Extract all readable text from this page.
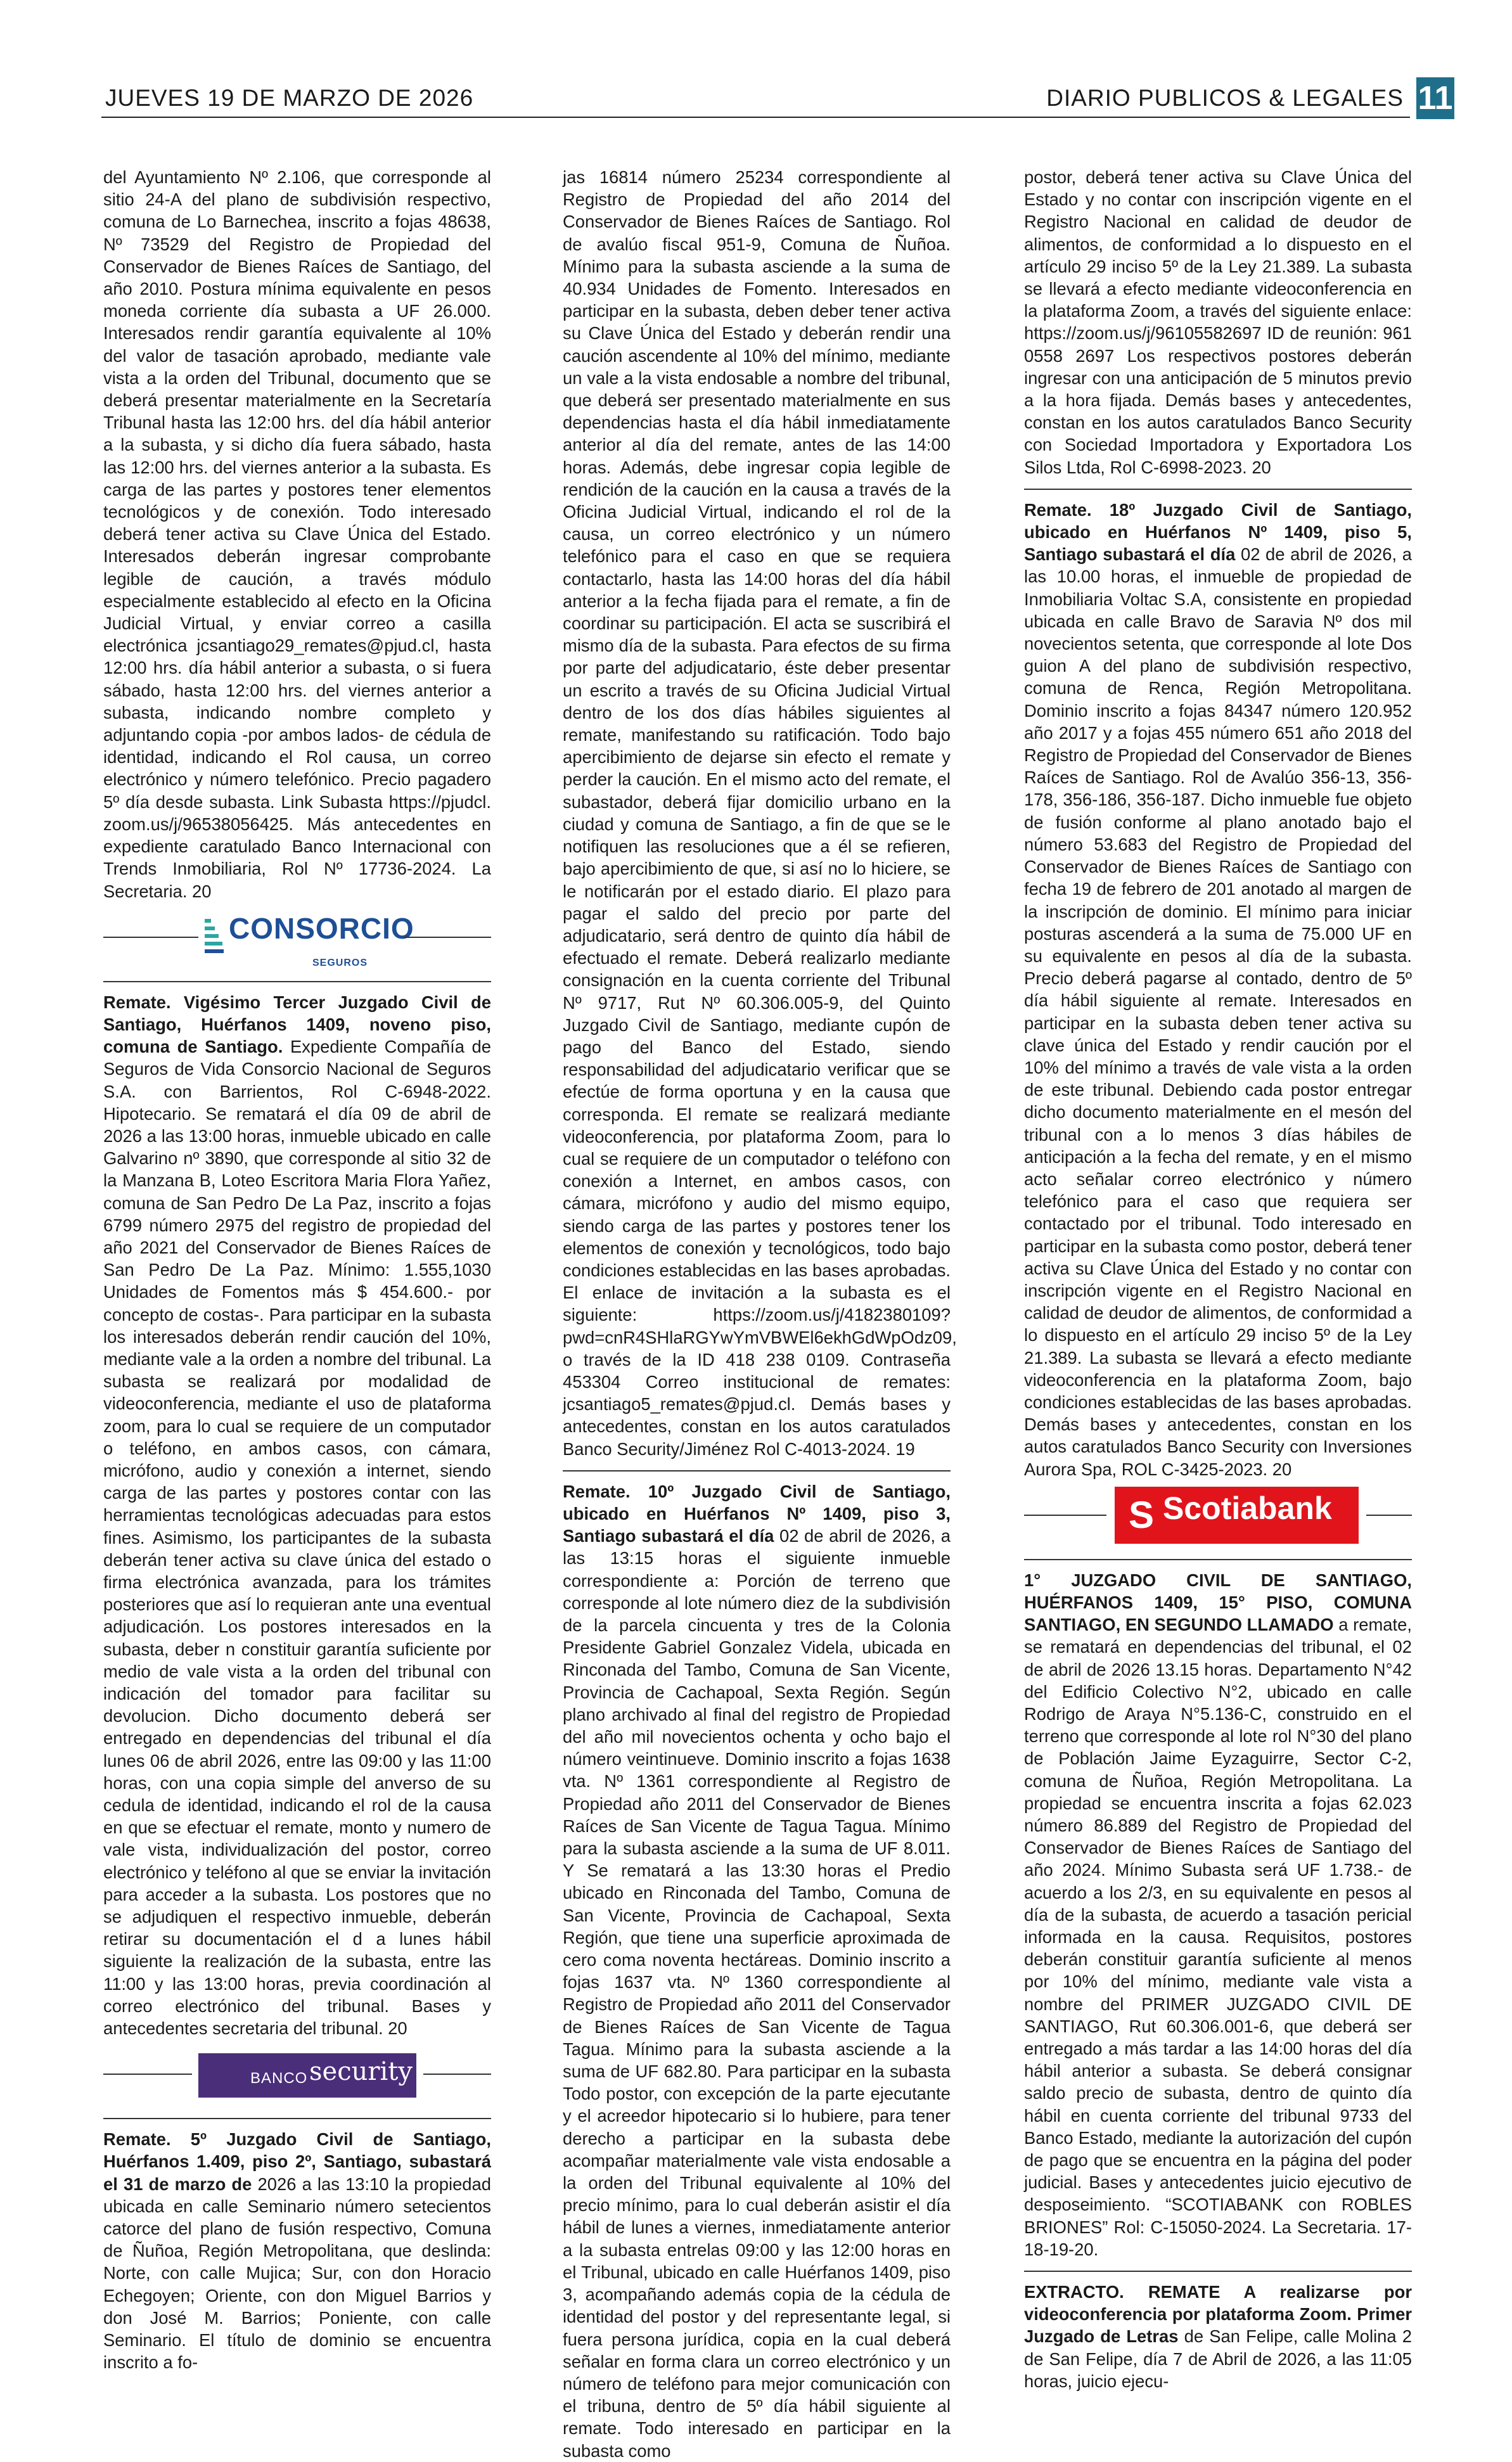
JUEVES 19 DE MARZO DE 2026	DIARIO PUBLICOS & LEGALES 11

del Ayuntamiento Nº 2.106, que corresponde al sitio 24-A del plano de subdivisión respectivo, comuna de Lo Barnechea, inscrito a fojas 48638, Nº 73529 del Registro de Propiedad del Conservador de Bienes Raíces de Santiago, del año 2010. Postura mínima equivalente en pesos moneda corriente día subasta a UF 26.000. Interesados rendir garantía equivalente al 10% del valor de tasación aprobado, mediante vale vista a la orden del Tribunal, documento que se deberá presentar materialmente en la Secretaría Tribunal hasta las 12:00 hrs. del día hábil anterior a la subasta, y si dicho día fuera sábado, hasta las 12:00 hrs. del viernes anterior a la subasta. Es carga de las partes y postores tener elementos tecnológicos y de conexión. Todo interesado deberá tener activa su Clave Única del Estado. Interesados deberán ingresar comprobante legible de caución, a través módulo especialmente establecido al efecto en la Oficina Judicial Virtual, y enviar correo a casilla electrónica jcsantiago29_remates@pjud.cl, hasta 12:00 hrs. día hábil anterior a subasta, o si fuera sábado, hasta 12:00 hrs. del viernes anterior a subasta, indicando nombre completo y adjuntando copia -por ambos lados- de cédula de identidad, indicando el Rol causa, un correo electrónico y número telefónico. Precio pagadero 5º día desde subasta. Link Subasta https://pjudcl. zoom.us/j/96538056425. Más antecedentes en expediente caratulado Banco Internacional con Trends Inmobiliaria, Rol Nº 17736-2024. La Secretaria. 20

CONSORCIO
SEGUROS

Remate. Vigésimo Tercer Juzgado Civil de Santiago, Huérfanos 1409, noveno piso, comuna de Santiago. Expediente Compañía de Seguros de Vida Consorcio Nacional de Seguros S.A. con Barrientos, Rol C-6948-2022. Hipotecario. Se rematará el día 09 de abril de 2026 a las 13:00 horas, inmueble ubicado en calle Galvarino nº 3890, que corresponde al sitio 32 de la Manzana B, Loteo Escritora Maria Flora Yañez, comuna de San Pedro De La Paz, inscrito a fojas 6799 número 2975 del registro de propiedad del año 2021 del Conservador de Bienes Raíces de San Pedro De La Paz. Mínimo: 1.555,1030 Unidades de Fomentos más $ 454.600.- por concepto de costas-. Para participar en la subasta los interesados deberán rendir caución del 10%, mediante vale a la orden a nombre del tribunal. La subasta se realizará por modalidad de videoconferencia, mediante el uso de plataforma zoom, para lo cual se requiere de un computador o teléfono, en ambos casos, con cámara, micrófono, audio y conexión a internet, siendo carga de las partes y postores contar con las herramientas tecnológicas adecuadas para estos fines. Asimismo, los participantes de la subasta deberán tener activa su clave única del estado o firma electrónica avanzada, para los trámites posteriores que así lo requieran ante una eventual adjudicación. Los postores interesados en la subasta, deber n constituir garantía suficiente por medio de vale vista a la orden del tribunal con indicación del tomador para facilitar su devolucion. Dicho documento deberá ser entregado en dependencias del tribunal el día lunes 06 de abril 2026, entre las 09:00 y las 11:00 horas, con una copia simple del anverso de su cedula de identidad, indicando el rol de la causa en que se efectuar el remate, monto y numero de vale vista, individualización del postor, correo electrónico y teléfono al que se enviar la invitación para acceder a la subasta. Los postores que no se adjudiquen el respectivo inmueble, deberán retirar su documentación el d a lunes hábil siguiente la realización de la subasta, entre las 11:00 y las 13:00 horas, previa coordinación al correo electrónico del tribunal. Bases y antecedentes secretaria del tribunal. 20

BANCO security

Remate. 5º Juzgado Civil de Santiago, Huérfanos 1.409, piso 2º, Santiago, subastará el 31 de marzo de 2026 a las 13:10 la propiedad ubicada en calle Seminario número setecientos catorce del plano de fusión respectivo, Comuna de Ñuñoa, Región Metropolitana, que deslinda: Norte, con calle Mujica; Sur, con don Horacio Echegoyen; Oriente, con don Miguel Barrios y don José M. Barrios; Poniente, con calle Seminario. El título de dominio se encuentra inscrito a fo-

jas 16814 número 25234 correspondiente al Registro de Propiedad del año 2014 del Conservador de Bienes Raíces de Santiago. Rol de avalúo fiscal 951-9, Comuna de Ñuñoa. Mínimo para la subasta asciende a la suma de 40.934 Unidades de Fomento. Interesados en participar en la subasta, deben deber tener activa su Clave Única del Estado y deberán rendir una caución ascendente al 10% del mínimo, mediante un vale a la vista endosable a nombre del tribunal, que deberá ser presentado materialmente en sus dependencias hasta el día hábil inmediatamente anterior al día del remate, antes de las 14:00 horas. Además, debe ingresar copia legible de rendición de la caución en la causa a través de la Oficina Judicial Virtual, indicando el rol de la causa, un correo electrónico y un número telefónico para el caso en que se requiera contactarlo, hasta las 14:00 horas del día hábil anterior a la fecha fijada para el remate, a fin de coordinar su participación. El acta se suscribirá el mismo día de la subasta. Para efectos de su firma por parte del adjudicatario, éste deber presentar un escrito a través de su Oficina Judicial Virtual dentro de los dos días hábiles siguientes al remate, manifestando su ratificación. Todo bajo apercibimiento de dejarse sin efecto el remate y perder la caución. En el mismo acto del remate, el subastador, deberá fijar domicilio urbano en la ciudad y comuna de Santiago, a fin de que se le notifiquen las resoluciones que a él se refieren, bajo apercibimiento de que, si así no lo hiciere, se le notificarán por el estado diario. El plazo para pagar el saldo del precio por parte del adjudicatario, será dentro de quinto día hábil de efectuado el remate. Deberá realizarlo mediante consignación en la cuenta corriente del Tribunal Nº 9717, Rut Nº 60.306.005-9, del Quinto Juzgado Civil de Santiago, mediante cupón de pago del Banco del Estado, siendo responsabilidad del adjudicatario verificar que se efectúe de forma oportuna y en la causa que corresponda. El remate se realizará mediante videoconferencia, por plataforma Zoom, para lo cual se requiere de un computador o teléfono con conexión a Internet, en ambos casos, con cámara, micrófono y audio del mismo equipo, siendo carga de las partes y postores tener los elementos de conexión y tecnológicos, todo bajo condiciones establecidas en las bases aprobadas. El enlace de invitación a la subasta es el siguiente: https://zoom.us/j/4182380109? pwd=cnR4SHlaRGYwYmVBWEl6ekhGdWpOdz09, o través de la ID 418 238 0109. Contraseña 453304 Correo institucional de remates: jcsantiago5_remates@pjud.cl. Demás bases y antecedentes, constan en los autos caratulados Banco Security/Jiménez Rol C-4013-2024. 19

Remate. 10º Juzgado Civil de Santiago, ubicado en Huérfanos Nº 1409, piso 3, Santiago subastará el día 02 de abril de 2026, a las 13:15 horas el siguiente inmueble correspondiente a: Porción de terreno que corresponde al lote número diez de la subdivisión de la parcela cincuenta y tres de la Colonia Presidente Gabriel Gonzalez Videla, ubicada en Rinconada del Tambo, Comuna de San Vicente, Provincia de Cachapoal, Sexta Región. Según plano archivado al final del registro de Propiedad del año mil novecientos ochenta y ocho bajo el número veintinueve. Dominio inscrito a fojas 1638 vta. Nº 1361 correspondiente al Registro de Propiedad año 2011 del Conservador de Bienes Raíces de San Vicente de Tagua Tagua. Mínimo para la subasta asciende a la suma de UF 8.011. Y Se rematará a las 13:30 horas el Predio ubicado en Rinconada del Tambo, Comuna de San Vicente, Provincia de Cachapoal, Sexta Región, que tiene una superficie aproximada de cero coma noventa hectáreas. Dominio inscrito a fojas 1637 vta. Nº 1360 correspondiente al Registro de Propiedad año 2011 del Conservador de Bienes Raíces de San Vicente de Tagua Tagua. Mínimo para la subasta asciende a la suma de UF 682.80. Para participar en la subasta Todo postor, con excepción de la parte ejecutante y el acreedor hipotecario si lo hubiere, para tener derecho a participar en la subasta debe acompañar materialmente vale vista endosable a la orden del Tribunal equivalente al 10% del precio mínimo, para lo cual deberán asistir el día hábil de lunes a viernes, inmediatamente anterior a la subasta entrelas 09:00 y las 12:00 horas en el Tribunal, ubicado en calle Huérfanos 1409, piso 3, acompañando además copia de la cédula de identidad del postor y del representante legal, si fuera persona jurídica, copia en la cual deberá señalar en forma clara un correo electrónico y un número de teléfono para mejor comunicación con el tribuna, dentro de 5º día hábil siguiente al remate. Todo interesado en participar en la subasta como

postor, deberá tener activa su Clave Única del Estado y no contar con inscripción vigente en el Registro Nacional en calidad de deudor de alimentos, de conformidad a lo dispuesto en el artículo 29 inciso 5º de la Ley 21.389. La subasta se llevará a efecto mediante videoconferencia en la plataforma Zoom, a través del siguiente enlace: https://zoom.us/j/96105582697 ID de reunión: 961 0558 2697 Los respectivos postores deberán ingresar con una anticipación de 5 minutos previo a la hora fijada. Demás bases y antecedentes, constan en los autos caratulados Banco Security con Sociedad Importadora y Exportadora Los Silos Ltda, Rol C-6998-2023. 20

Remate. 18º Juzgado Civil de Santiago, ubicado en Huérfanos Nº 1409, piso 5, Santiago subastará el día 02 de abril de 2026, a las 10.00 horas, el inmueble de propiedad de Inmobiliaria Voltac S.A, consistente en propiedad ubicada en calle Bravo de Saravia Nº dos mil novecientos setenta, que corresponde al lote Dos guion A del plano de subdivisión respectivo, comuna de Renca, Región Metropolitana. Dominio inscrito a fojas 84347 número 120.952 año 2017 y a fojas 455 número 651 año 2018 del Registro de Propiedad del Conservador de Bienes Raíces de Santiago. Rol de Avalúo 356-13, 356-178, 356-186, 356-187. Dicho inmueble fue objeto de fusión conforme al plano anotado bajo el número 53.683 del Registro de Propiedad del Conservador de Bienes Raíces de Santiago con fecha 19 de febrero de 201 anotado al margen de la inscripción de dominio. El mínimo para iniciar posturas ascenderá a la suma de 75.000 UF en su equivalente en pesos al día de la subasta. Precio deberá pagarse al contado, dentro de 5º día hábil siguiente al remate. Interesados en participar en la subasta deben tener activa su clave única del Estado y rendir caución por el 10% del mínimo a través de vale vista a la orden de este tribunal. Debiendo cada postor entregar dicho documento materialmente en el mesón del tribunal con a lo menos 3 días hábiles de anticipación a la fecha del remate, y en el mismo acto señalar correo electrónico y número telefónico para el caso que requiera ser contactado por el tribunal. Todo interesado en participar en la subasta como postor, deberá tener activa su Clave Única del Estado y no contar con inscripción vigente en el Registro Nacional en calidad de deudor de alimentos, de conformidad a lo dispuesto en el artículo 29 inciso 5º de la Ley 21.389. La subasta se llevará a efecto mediante videoconferencia en la plataforma Zoom, bajo condiciones establecidas de las bases aprobadas. Demás bases y antecedentes, constan en los autos caratulados Banco Security con Inversiones Aurora Spa, ROL C-3425-2023. 20

S Scotiabank

1° JUZGADO CIVIL DE SANTIAGO, HUÉRFANOS 1409, 15° PISO, COMUNA SANTIAGO, EN SEGUNDO LLAMADO a remate, se rematará en dependencias del tribunal, el 02 de abril de 2026 13.15 horas. Departamento N°42 del Edificio Colectivo N°2, ubicado en calle Rodrigo de Araya N°5.136-C, construido en el terreno que corresponde al lote rol N°30 del plano de Población Jaime Eyzaguirre, Sector C-2, comuna de Ñuñoa, Región Metropolitana. La propiedad se encuentra inscrita a fojas 62.023 número 86.889 del Registro de Propiedad del Conservador de Bienes Raíces de Santiago del año 2024. Mínimo Subasta será UF 1.738.- de acuerdo a los 2/3, en su equivalente en pesos al día de la subasta, de acuerdo a tasación pericial informada en la causa. Requisitos, postores deberán constituir garantía suficiente al menos por 10% del mínimo, mediante vale vista a nombre del PRIMER JUZGADO CIVIL DE SANTIAGO, Rut 60.306.001-6, que deberá ser entregado a más tardar a las 14:00 horas del día hábil anterior a subasta. Se deberá consignar saldo precio de subasta, dentro de quinto día hábil en cuenta corriente del tribunal 9733 del Banco Estado, mediante la autorización del cupón de pago que se encuentra en la página del poder judicial. Bases y antecedentes juicio ejecutivo de desposeimiento. “SCOTIABANK con ROBLES BRIONES” Rol: C-15050-2024. La Secretaria. 17-18-19-20.

EXTRACTO. REMATE A realizarse por videoconferencia por plataforma Zoom. Primer Juzgado de Letras de San Felipe, calle Molina 2 de San Felipe, día 7 de Abril de 2026, a las 11:05 horas, juicio ejecu-
